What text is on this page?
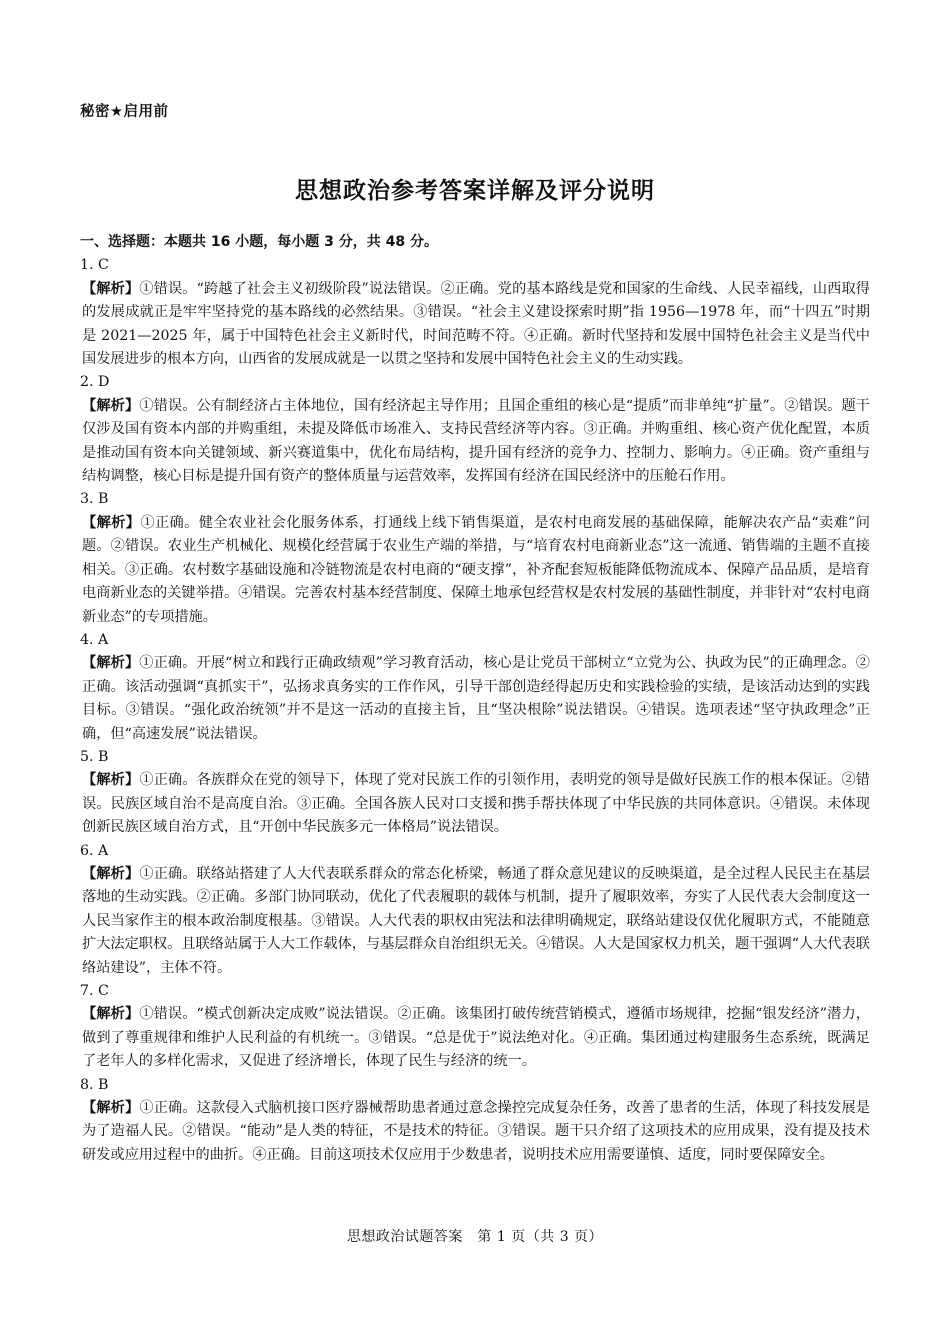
秘密★启用前
思想政治参考答案详解及评分说明
一、选择题：本题共 16 小题，每小题 3 分，共 48 分。

1. C

【解析】①错误。“跨越了社会主义初级阶段”说法错误。②正确。党的基本路线是党和国家的生命线、人民幸福线，山西取得的发展成就正是牢牢坚持党的基本路线的必然结果。③错误。“社会主义建设探索时期”指 1956—1978 年，而“十四五”时期是 2021—2025 年，属于中国特色社会主义新时代，时间范畴不符。④正确。新时代坚持和发展中国特色社会主义是当代中国发展进步的根本方向，山西省的发展成就是一以贯之坚持和发展中国特色社会主义的生动实践。

2. D

【解析】①错误。公有制经济占主体地位，国有经济起主导作用；且国企重组的核心是“提质”而非单纯“扩量”。②错误。题干仅涉及国有资本内部的并购重组，未提及降低市场准入、支持民营经济等内容。③正确。并购重组、核心资产优化配置，本质是推动国有资本向关键领域、新兴赛道集中，优化布局结构，提升国有经济的竞争力、控制力、影响力。④正确。资产重组与结构调整，核心目标是提升国有资产的整体质量与运营效率，发挥国有经济在国民经济中的压舱石作用。

3. B

【解析】①正确。健全农业社会化服务体系，打通线上线下销售渠道，是农村电商发展的基础保障，能解决农产品“卖难”问题。②错误。农业生产机械化、规模化经营属于农业生产端的举措，与“培育农村电商新业态”这一流通、销售端的主题不直接相关。③正确。农村数字基础设施和冷链物流是农村电商的“硬支撑”，补齐配套短板能降低物流成本、保障产品品质，是培育电商新业态的关键举措。④错误。完善农村基本经营制度、保障土地承包经营权是农村发展的基础性制度，并非针对“农村电商新业态”的专项措施。

4. A

【解析】①正确。开展“树立和践行正确政绩观”学习教育活动，核心是让党员干部树立“立党为公、执政为民”的正确理念。②正确。该活动强调“真抓实干”，弘扬求真务实的工作作风，引导干部创造经得起历史和实践检验的实绩，是该活动达到的实践目标。③错误。“强化政治统领”并不是这一活动的直接主旨，且“坚决根除”说法错误。④错误。选项表述“坚守执政理念”正确，但“高速发展”说法错误。

5. B

【解析】①正确。各族群众在党的领导下，体现了党对民族工作的引领作用，表明党的领导是做好民族工作的根本保证。②错误。民族区域自治不是高度自治。③正确。全国各族人民对口支援和携手帮扶体现了中华民族的共同体意识。④错误。未体现创新民族区域自治方式，且“开创中华民族多元一体格局”说法错误。

6. A

【解析】①正确。联络站搭建了人大代表联系群众的常态化桥梁，畅通了群众意见建议的反映渠道，是全过程人民民主在基层落地的生动实践。②正确。多部门协同联动，优化了代表履职的载体与机制，提升了履职效率，夯实了人民代表大会制度这一人民当家作主的根本政治制度根基。③错误。人大代表的职权由宪法和法律明确规定，联络站建设仅优化履职方式，不能随意扩大法定职权。且联络站属于人大工作载体，与基层群众自治组织无关。④错误。人大是国家权力机关，题干强调“人大代表联络站建设”，主体不符。

7. C

【解析】①错误。“模式创新决定成败”说法错误。②正确。该集团打破传统营销模式，遵循市场规律，挖掘“银发经济”潜力，做到了尊重规律和维护人民利益的有机统一。③错误。“总是优于”说法绝对化。④正确。集团通过构建服务生态系统，既满足了老年人的多样化需求，又促进了经济增长，体现了民生与经济的统一。

8. B

【解析】①正确。这款侵入式脑机接口医疗器械帮助患者通过意念操控完成复杂任务，改善了患者的生活，体现了科技发展是为了造福人民。②错误。“能动”是人类的特征，不是技术的特征。③错误。题干只介绍了这项技术的应用成果，没有提及技术研发或应用过程中的曲折。④正确。目前这项技术仅应用于少数患者，说明技术应用需要谨慎、适度，同时要保障安全。

思想政治试题答案　第 1 页（共 3 页）
